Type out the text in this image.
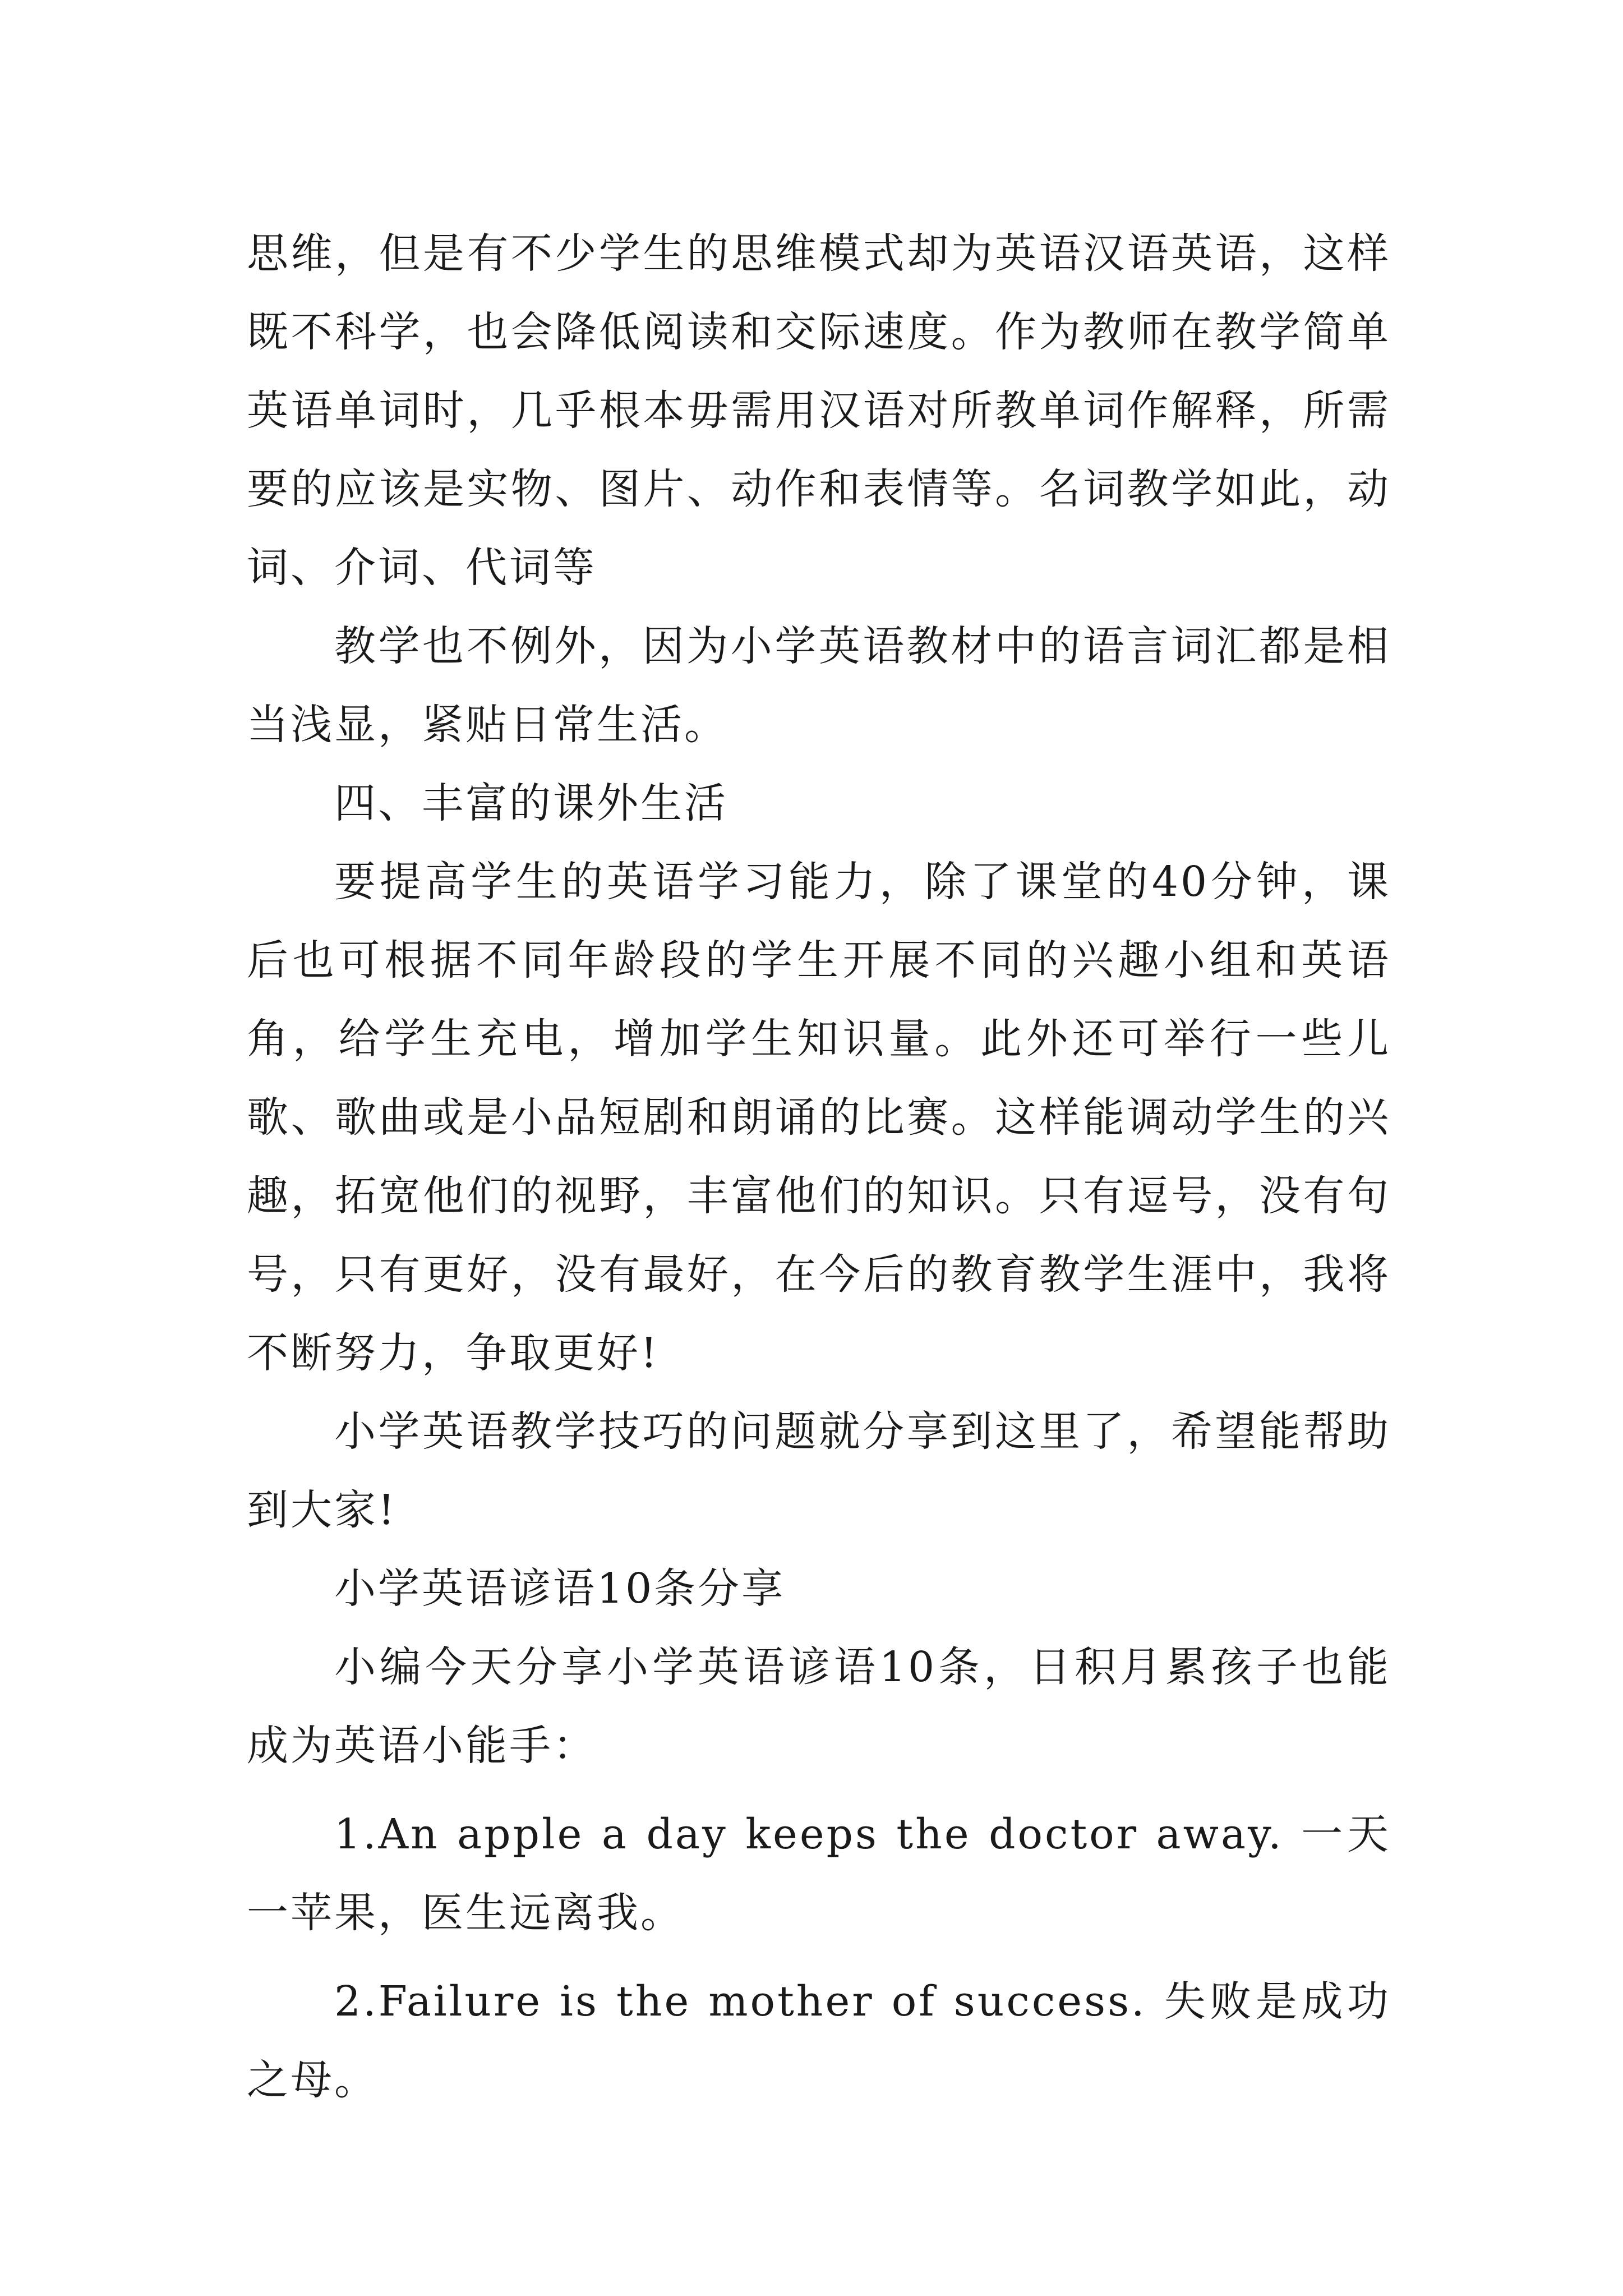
思维，但是有不少学生的思维模式却为英语汉语英语，这样既不科学，也会降低阅读和交际速度。作为教师在教学简单英语单词时，几乎根本毋需用汉语对所教单词作解释，所需要的应该是实物、图片、动作和表情等。名词教学如此，动词、介词、代词等

教学也不例外，因为小学英语教材中的语言词汇都是相当浅显，紧贴日常生活。

四、丰富的课外生活

要提高学生的英语学习能力，除了课堂的40分钟，课后也可根据不同年龄段的学生开展不同的兴趣小组和英语角，给学生充电，增加学生知识量。此外还可举行一些儿歌、歌曲或是小品短剧和朗诵的比赛。这样能调动学生的兴趣，拓宽他们的视野，丰富他们的知识。只有逗号，没有句号，只有更好，没有最好，在今后的教育教学生涯中，我将不断努力，争取更好!

小学英语教学技巧的问题就分享到这里了，希望能帮助到大家!

小学英语谚语10条分享

小编今天分享小学英语谚语10条，日积月累孩子也能成为英语小能手：

1.An apple a day keeps the doctor away. 一天一苹果，医生远离我。

2.Failure is the mother of success. 失败是成功之母。
